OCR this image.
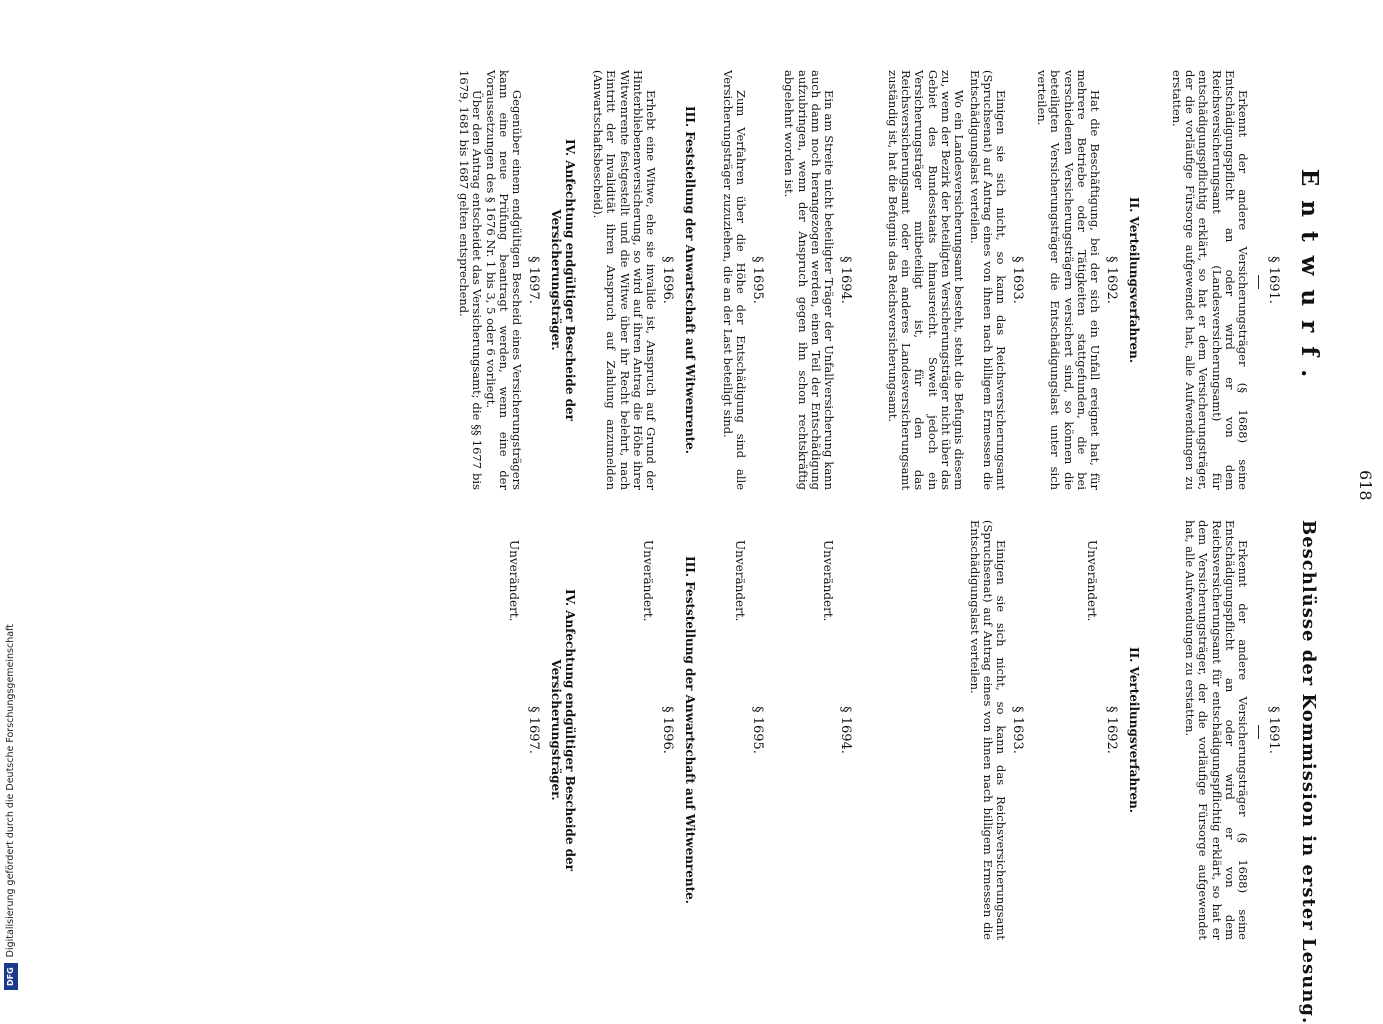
618
Entwurf.
§ 1691.
Erkennt der andere Versicherungsträger (§ 1688) seine Entschädigungspflicht an oder wird er von dem Reichsversicherungsamt (Landesversicherungsamt) für entschädigungspflichtig erklärt, so hat er dem Versicherungsträger, der die vorläufige Fürsorge aufgewendet hat, alle Aufwendungen zu erstatten.
II. Verteilungsverfahren.
§ 1692.
Hat die Beschäftigung, bei der sich ein Unfall ereignet hat, für mehrere Betriebe oder Tätigkeiten stattgefunden, die bei verschiedenen Versicherungsträgern versichert sind, so können die beteiligten Versicherungsträger die Entschädigungslast unter sich verteilen.
§ 1693.
Einigen sie sich nicht, so kann das Reichsversicherungsamt (Spruchsenat) auf Antrag eines von ihnen nach billigem Ermessen die Entschädigungslast verteilen.
Wo ein Landesversicherungsamt besteht, steht die Befugnis diesem zu, wenn der Bezirk der beteiligten Versicherungsträger nicht über das Gebiet des Bundesstaats hinausreicht. Soweit jedoch ein Versicherungsträger mitbeteiligt ist, für den das Reichsversicherungsamt oder ein anderes Landesversicherungsamt zuständig ist, hat die Befugnis das Reichsversicherungsamt.
§ 1694.
Ein am Streite nicht beteiligter Träger der Unfallversicherung kann auch dann noch herangezogen werden, einen Teil der Entschädigung aufzubringen, wenn der Anspruch gegen ihn schon rechtskräftig abgelehnt worden ist.
§ 1695.
Zum Verfahren über die Höhe der Entschädigung sind alle Versicherungsträger zuzuziehen, die an der Last beteiligt sind.
III. Feststellung der Anwartschaft auf Witwenrente.
§ 1696.
Erhebt eine Witwe, ehe sie invalide ist, Anspruch auf Grund der Hinterbliebenenversicherung, so wird auf ihren Antrag die Höhe ihrer Witwenrente festgestellt und die Witwe über ihr Recht belehrt, nach Eintritt der Invalidität ihren Anspruch auf Zahlung anzumelden (Anwartschaftsbescheid).
IV. Anfechtung endgültiger Bescheide der Versicherungsträger.
§ 1697.
Gegenüber einem endgültigen Bescheid eines Versicherungsträgers kann eine neue Prüfung beantragt werden, wenn eine der Voraussetzungen des § 1676 Nr. 1 bis 3, 5 oder 6 vorliegt.
Über den Antrag entscheidet das Versicherungsamt; die §§ 1677 bis 1679, 1681 bis 1687 gelten entsprechend.
Beschlüsse der Kommission in erster Lesung.
§ 1691.
Erkennt der andere Versicherungsträger (§ 1688) seine Entschädigungspflicht an oder wird er von dem Reichsversicherungsamt für entschädigungspflichtig erklärt, so hat er dem Versicherungsträger, der die vorläufige Fürsorge aufgewendet hat, alle Aufwendungen zu erstatten.
II. Verteilungsverfahren.
§ 1692.
Unverändert.
§ 1693.
Einigen sie sich nicht, so kann das Reichsversicherungsamt (Spruchsenat) auf Antrag eines von ihnen nach billigem Ermessen die Entschädigungslast verteilen.
§ 1694.
Unverändert.
§ 1695.
Unverändert.
III. Feststellung der Anwartschaft auf Witwenrente.
§ 1696.
Unverändert.
IV. Anfechtung endgültiger Bescheide der Versicherungsträger.
§ 1697.
Unverändert.
DFGDigitalisierung gefördert durch die Deutsche Forschungsgemeinschaft
